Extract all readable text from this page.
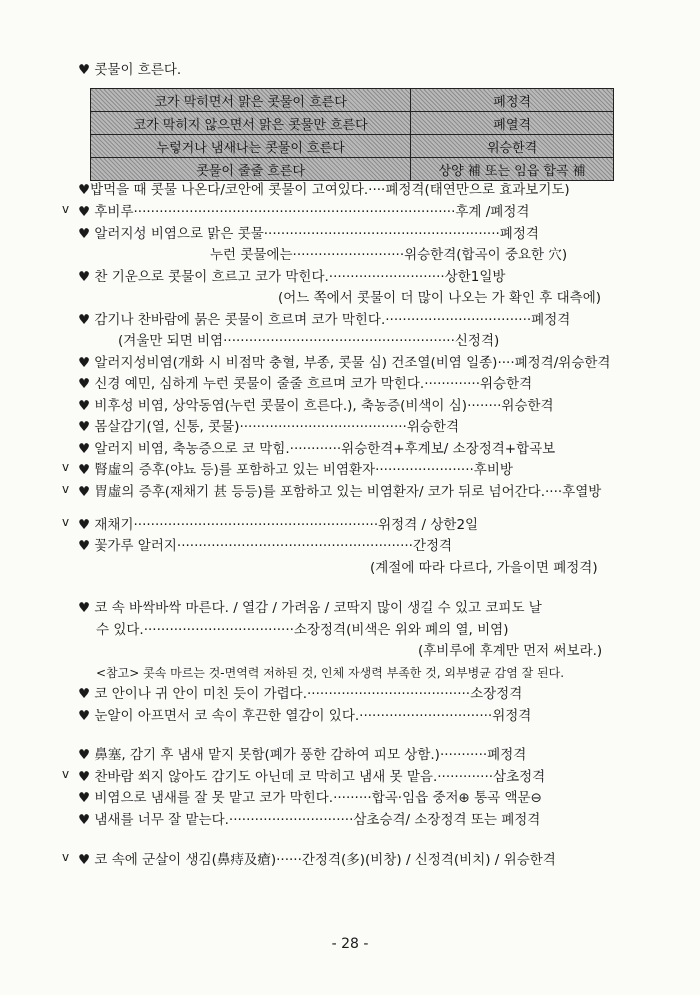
♥ 콧물이 흐른다.
코가 막히면서 맑은 콧물이 흐른다	폐정격
코가 막히지 않으면서 맑은 콧물만 흐른다	폐열격
누렇거나 냄새나는 콧물이 흐른다	위승한격
콧물이 줄줄 흐른다	상양 補 또는 임읍 합곡 補
♥밥먹을 때 콧물 나온다/코안에 콧물이 고여있다.····폐정격(태연만으로 효과보기도)
v ♥ 후비루···········································································후계 /폐정격
♥ 알러지성 비염으로 맑은 콧물·······················································폐정격
누런 콧물에는··························위승한격(합곡이 중요한 穴)
♥ 찬 기운으로 콧물이 흐르고 코가 막힌다.···························상한1일방
(어느 쪽에서 콧물이 더 많이 나오는 가 확인 후 대측에)
♥ 감기나 찬바람에 묽은 콧물이 흐르며 코가 막힌다.··································폐정격
(겨울만 되면 비염······················································신정격)
♥ 알러지성비염(개화 시 비점막 충혈, 부종, 콧물 심) 건조열(비염 일종)····폐정격/위승한격
♥ 신경 예민, 심하게 누런 콧물이 줄줄 흐르며 코가 막힌다.·············위승한격
♥ 비후성 비염, 상악동염(누런 콧물이 흐른다.), 축농증(비색이 심)········위승한격
♥ 몸살감기(열, 신통, 콧물)·······································위승한격
♥ 알러지 비염, 축농증으로 코 막힘.············위승한격+후계보/ 소장정격+합곡보
v ♥ 腎虛의 증후(야뇨 등)를 포함하고 있는 비염환자·······················후비방
v ♥ 胃虛의 증후(재채기 甚 등등)를 포함하고 있는 비염환자/ 코가 뒤로 넘어간다.····후열방
v ♥ 재채기·························································위정격 / 상한2일
♥ 꽃가루 알러지·······················································간정격
(계절에 따라 다르다, 가을이면 폐정격)
♥ 코 속 바싹바싹 마른다. / 열감 / 가려움 / 코딱지 많이 생길 수 있고 코피도 날
수 있다.···································소장정격(비색은 위와 폐의 열, 비염)
(후비루에 후계만 먼저 써보라.)
<참고> 콧속 마르는 것-면역력 저하된 것, 인체 자생력 부족한 것, 외부병균 감염 잘 된다.
♥ 코 안이나 귀 안이 미친 듯이 가렵다.······································소장정격
♥ 눈알이 아프면서 코 속이 후끈한 열감이 있다.·······························위정격
♥ 鼻塞, 감기 후 냄새 맡지 못함(폐가 풍한 감하여 피모 상함.)···········폐정격
v ♥ 찬바람 쐬지 않아도 감기도 아닌데 코 막히고 냄새 못 맡음.·············삼초정격
♥ 비염으로 냄새를 잘 못 맡고 코가 막힌다.·········합곡·임읍 중저⊕ 통곡 액문⊖
♥ 냄새를 너무 잘 맡는다.·····························삼초승격/ 소장정격 또는 폐정격
v ♥ 코 속에 군살이 생김(鼻痔及瘡)······간정격(多)(비창) / 신정격(비치) / 위승한격
- 28 -
